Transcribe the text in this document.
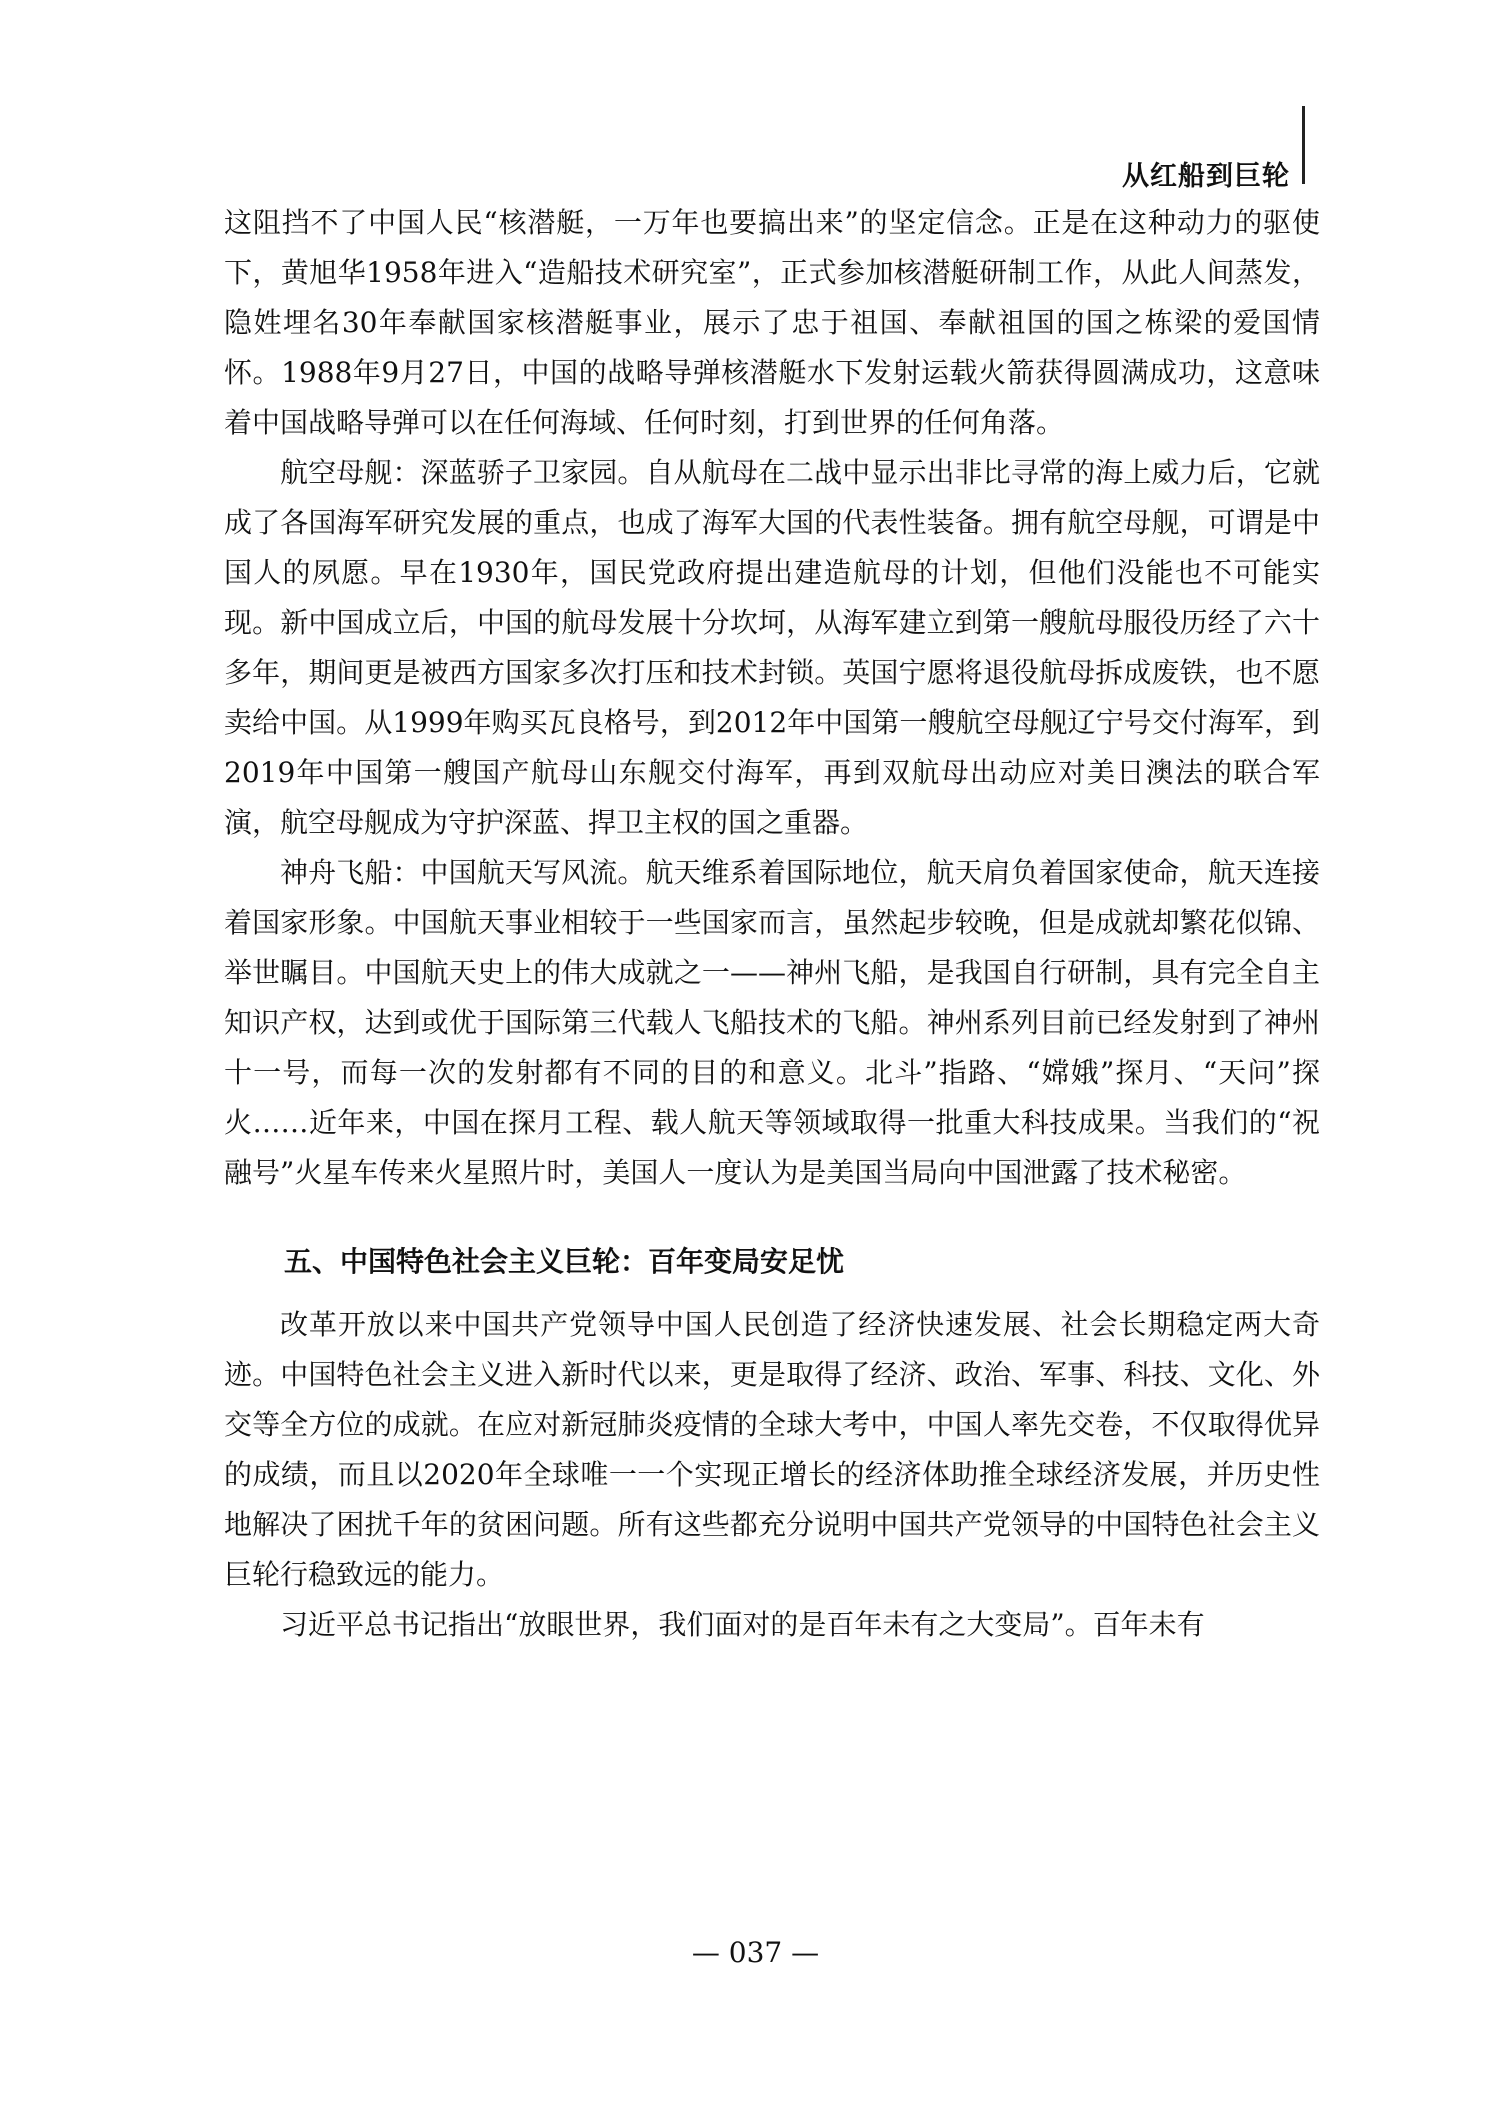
从红船到巨轮

这阻挡不了中国人民“核潜艇，一万年也要搞出来”的坚定信念。正是在这种动力的驱使下，黄旭华1958年进入“造船技术研究室”，正式参加核潜艇研制工作，从此人间蒸发，隐姓埋名30年奉献国家核潜艇事业，展示了忠于祖国、奉献祖国的国之栋梁的爱国情怀。1988年9月27日，中国的战略导弹核潜艇水下发射运载火箭获得圆满成功，这意味着中国战略导弹可以在任何海域、任何时刻，打到世界的任何角落。

航空母舰：深蓝骄子卫家园。自从航母在二战中显示出非比寻常的海上威力后，它就成了各国海军研究发展的重点，也成了海军大国的代表性装备。拥有航空母舰，可谓是中国人的夙愿。早在1930年，国民党政府提出建造航母的计划，但他们没能也不可能实现。新中国成立后，中国的航母发展十分坎坷，从海军建立到第一艘航母服役历经了六十多年，期间更是被西方国家多次打压和技术封锁。英国宁愿将退役航母拆成废铁，也不愿卖给中国。从1999年购买瓦良格号，到2012年中国第一艘航空母舰辽宁号交付海军，到2019年中国第一艘国产航母山东舰交付海军，再到双航母出动应对美日澳法的联合军演，航空母舰成为守护深蓝、捍卫主权的国之重器。

神舟飞船：中国航天写风流。航天维系着国际地位，航天肩负着国家使命，航天连接着国家形象。中国航天事业相较于一些国家而言，虽然起步较晚，但是成就却繁花似锦、举世瞩目。中国航天史上的伟大成就之一——神州飞船，是我国自行研制，具有完全自主知识产权，达到或优于国际第三代载人飞船技术的飞船。神州系列目前已经发射到了神州十一号，而每一次的发射都有不同的目的和意义。北斗”指路、“嫦娥”探月、“天问”探火……近年来，中国在探月工程、载人航天等领域取得一批重大科技成果。当我们的“祝融号”火星车传来火星照片时，美国人一度认为是美国当局向中国泄露了技术秘密。

五、中国特色社会主义巨轮：百年变局安足忧

改革开放以来中国共产党领导中国人民创造了经济快速发展、社会长期稳定两大奇迹。中国特色社会主义进入新时代以来，更是取得了经济、政治、军事、科技、文化、外交等全方位的成就。在应对新冠肺炎疫情的全球大考中，中国人率先交卷，不仅取得优异的成绩，而且以2020年全球唯一一个实现正增长的经济体助推全球经济发展，并历史性地解决了困扰千年的贫困问题。所有这些都充分说明中国共产党领导的中国特色社会主义巨轮行稳致远的能力。

习近平总书记指出“放眼世界，我们面对的是百年未有之大变局”。百年未有

— 037 —
